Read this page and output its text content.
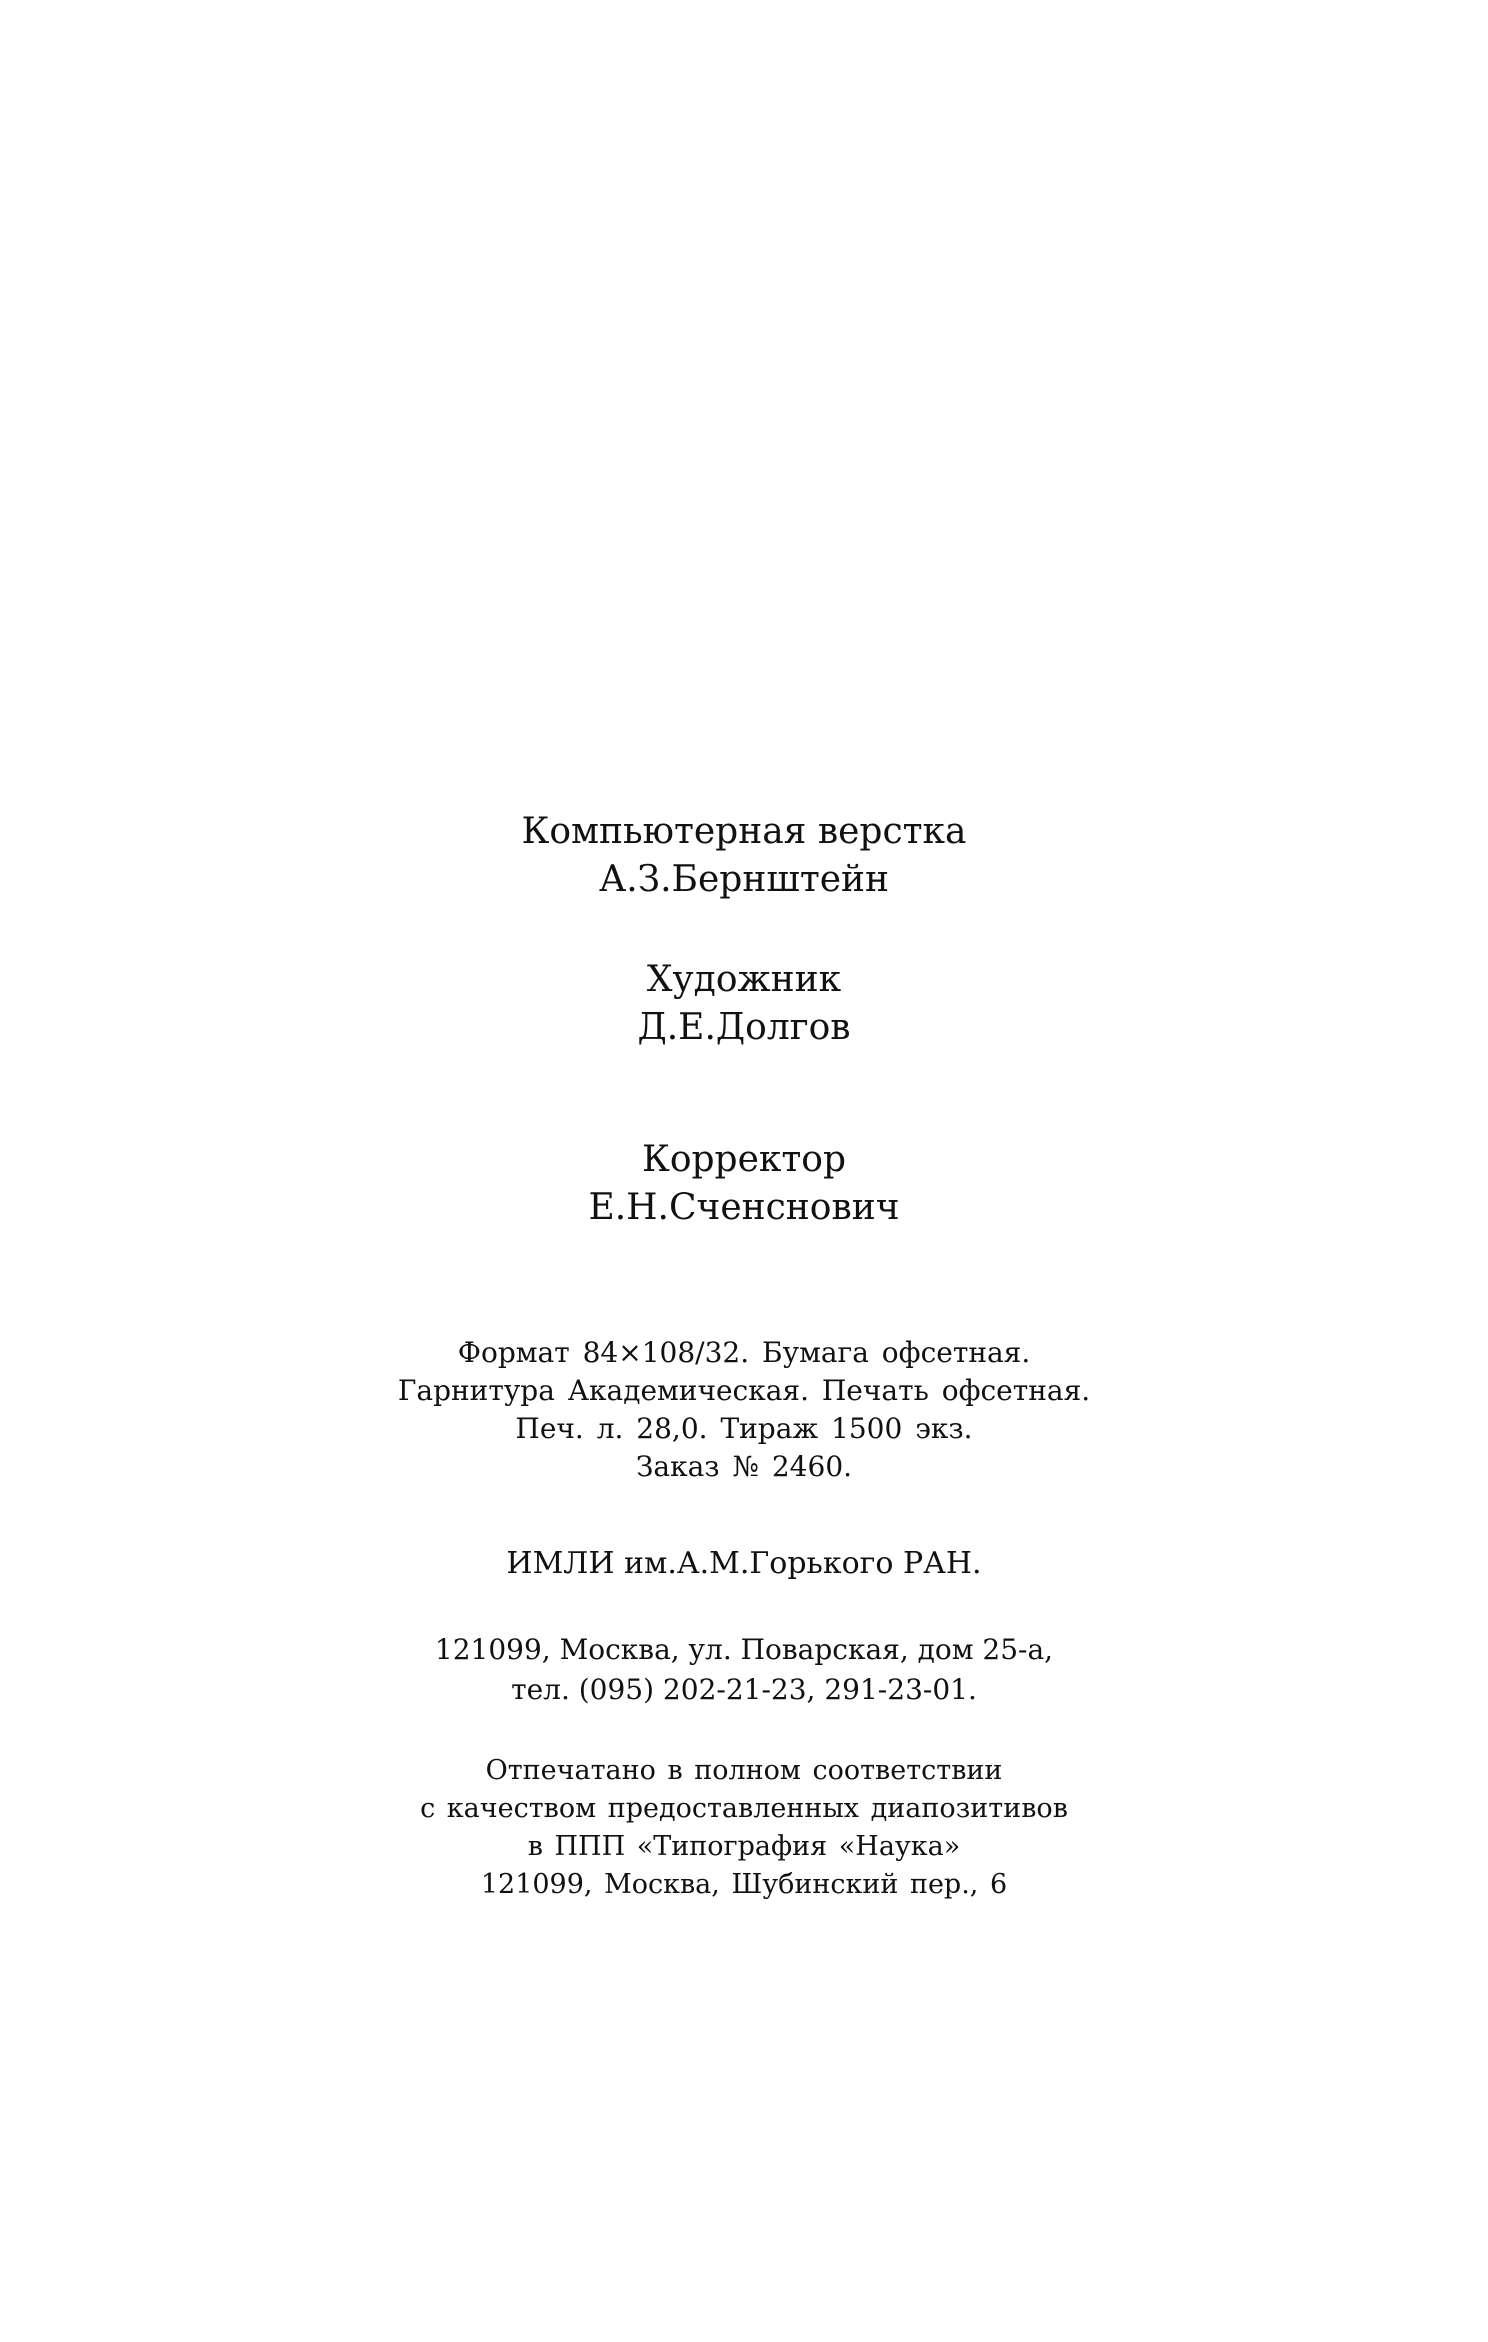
Компьютерная верстка
А.З.Бернштейн
Художник
Д.Е.Долгов
Корректор
Е.Н.Сченснович
Формат 84×108/32. Бумага офсетная.
Гарнитура Академическая. Печать офсетная.
Печ. л. 28,0. Тираж 1500 экз.
Заказ № 2460.
ИМЛИ им.А.М.Горького РАН.
121099, Москва, ул. Поварская, дом 25-а,
тел. (095) 202-21-23, 291-23-01.
Отпечатано в полном соответствии
с качеством предоставленных диапозитивов
в ППП «Типография «Наука»
121099, Москва, Шубинский пер., 6
